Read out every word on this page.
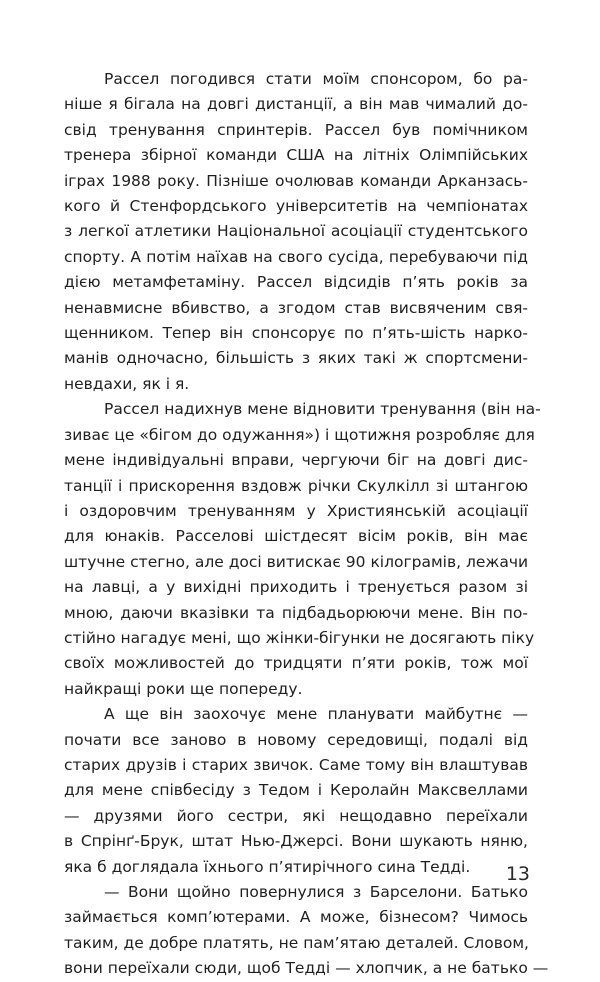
Рассел погодився стати моїм спонсором, бо ра-
ніше я бігала на довгі дистанції, а він мав чималий до-
свід тренування спринтерів. Рассел був помічником
тренера збірної команди США на літніх Олімпійських
іграх 1988 року. Пізніше очолював команди Арканзась-
кого й Стенфордського університетів на чемпіонатах
з легкої атлетики Національної асоціації студентського
спорту. А потім наїхав на свого сусіда, перебуваючи під
дією метамфетаміну. Рассел відсидів п’ять років за
ненавмисне вбивство, а згодом став висвяченим свя-
щенником. Тепер він спонсорує по п’ять-шість нарко-
манів одночасно, більшість з яких такі ж спортсмени-
невдахи, як і я.

Рассел надихнув мене відновити тренування (він на-
зиває це «бігом до одужання») і щотижня розробляє для
мене індивідуальні вправи, чергуючи біг на довгі дис-
танції і прискорення вздовж річки Скулкілл зі штангою
і оздоровчим тренуванням у Християнській асоціації
для юнаків. Расселові шістдесят вісім років, він має
штучне стегно, але досі витискає 90 кілограмів, лежачи
на лавці, а у вихідні приходить і тренується разом зі
мною, даючи вказівки та підбадьорюючи мене. Він по-
стійно нагадує мені, що жінки-бігунки не досягають піку
своїх можливостей до тридцяти п’яти років, тож мої
найкращі роки ще попереду.

А ще він заохочує мене планувати майбутнє —
почати все заново в новому середовищі, подалі від
старих друзів і старих звичок. Саме тому він влаштував
для мене співбесіду з Тедом і Керолайн Максвеллами
— друзями його сестри, які нещодавно переїхали
в Спрінґ-Брук, штат Нью-Джерсі. Вони шукають няню,
яка б доглядала їхнього п’ятирічного сина Тедді.

— Вони щойно повернулися з Барселони. Батько
займається комп’ютерами. А може, бізнесом? Чимось
таким, де добре платять, не пам’ятаю деталей. Словом,
вони переїхали сюди, щоб Тедді — хлопчик, а не батько —

13
